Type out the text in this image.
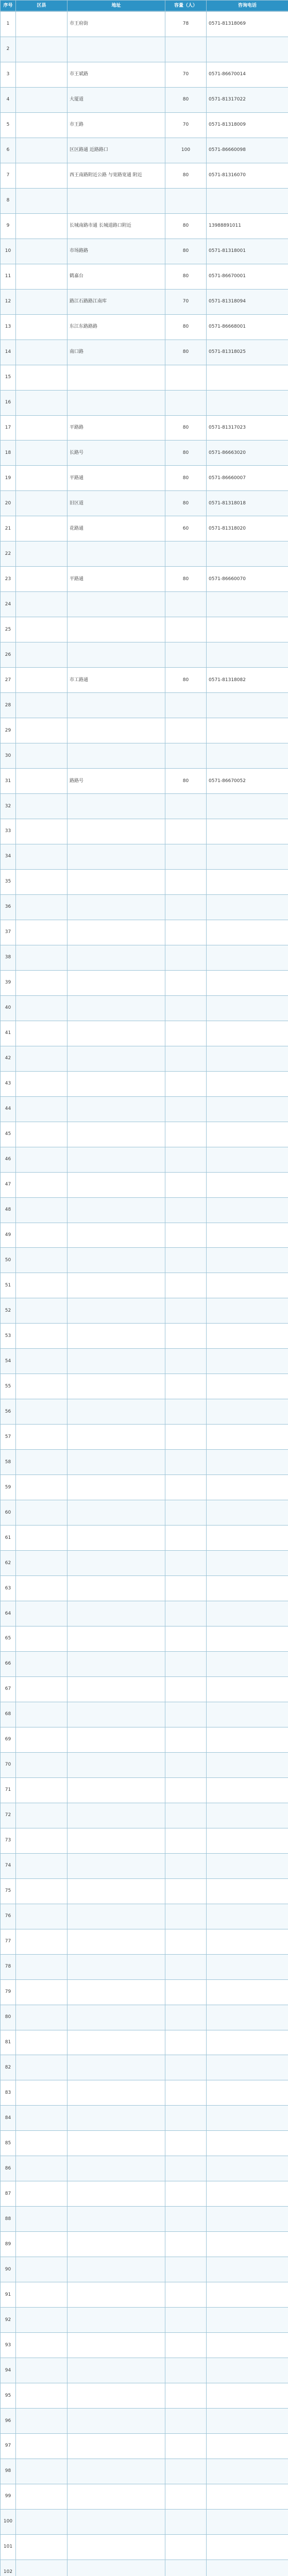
序号	区县	地址	容量（人）	咨询电话
1		市王府街	78	0571-81318069
2				
3		市王斌路	70	0571-86670014
4		大厦道	80	0571-81317022
5		市王路	70	0571-81318009
6		区区路通 近路路口	100	0571-86660098
7		西王南路附近公路 与宽路宽通 附近	80	0571-81316070
8				
9		长城南路市通 长城道路口附近	80	13988891011
10		市场路路	80	0571-81318001
11		鹤嘉台	80	0571-86670001
12		路江石路路江南库	70	0571-81318094
13		东江东路路路	80	0571-86668001
14		南口路	80	0571-81318025
15				
16				
17		平路路	80	0571-81317023
18		长路号	80	0571-86663020
19		平路通	80	0571-86660007
20		旧区道	80	0571-81318018
21		花路通	60	0571-81318020
22				
23		平路通	80	0571-86660070
24				
25				
26				
27		市工路通	80	0571-81318082
28				
29				
30				
31		路路号	80	0571-86670052
32				
33				
34				
35				
36				
37				
38				
39				
40				
41				
42				
43				
44				
45				
46				
47				
48				
49				
50				
51				
52				
53				
54				
55				
56				
57				
58				
59				
60				
61				
62				
63				
64				
65				
66				
67				
68				
69				
70				
71				
72				
73				
74				
75				
76				
77				
78				
79				
80				
81				
82				
83				
84				
85				
86				
87				
88				
89				
90				
91				
92				
93				
94				
95				
96				
97				
98				
99				
100				
101				
102				
